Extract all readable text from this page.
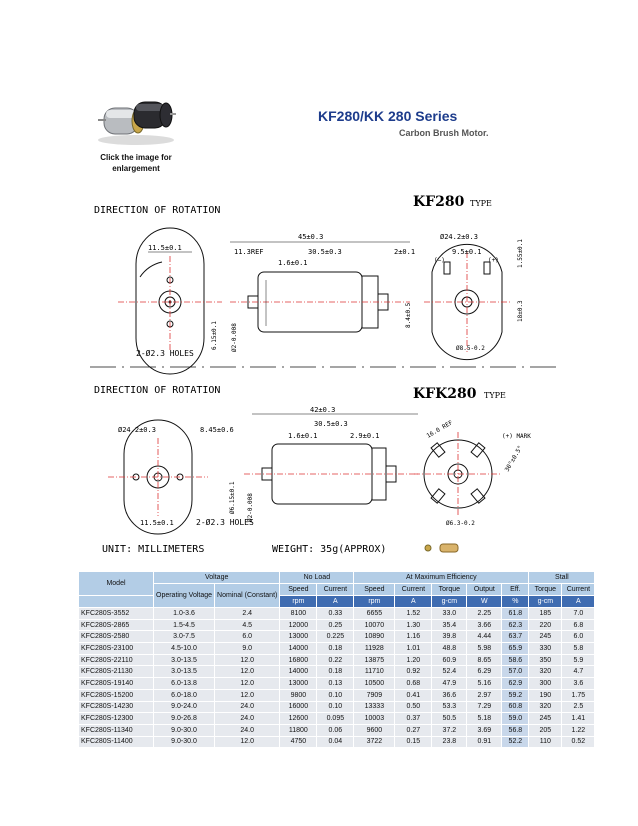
Click the image for enlargement
KF280/KK 280 Series
Carbon Brush Motor.
DIRECTION OF ROTATION
KF280 TYPE
11.5±0.1
2-Ø2.3 HOLES
45±0.3
11.3REF	30.5±0.3	2±0.1
1.6±0.1
6.15±0.1 Ø2-0.008
8.4±0.5
Ø24.2±0.3
9.5±0.1
(−)	(+)	1.55±0.1
18±0.3
Ø8.5-0.2
DIRECTION OF ROTATION	KFK280 TYPE
Ø24.2±0.3	8.45±0.6
11.5±0.1	2-Ø2.3 HOLES
42±0.3
30.5±0.3
1.6±0.1	2.9±0.1
Ø6.15±0.1 Ø2-0.008
16.0 REF	(+) MARK
30°±0.5°
Ø6.3-0.2
UNIT: MILLIMETERS	WEIGHT: 35g(APPROX)
Model	Voltage		No Load		At Maximum Efficiency					Stall	
	Operating Voltage	Nominal (Constant)	Speed	Current	Speed	Current	Torque	Output	Eff.	Torque	Current
			rpm	A	rpm	A	g-cm	W	%	g-cm	A
KFC280S-3552	1.0-3.6	2.4	8100	0.33	6655	1.52	33.0	2.25	61.8	185	7.0
KFC280S-2865	1.5-4.5	4.5	12000	0.25	10070	1.30	35.4	3.66	62.3	220	6.8
KFC280S-2580	3.0-7.5	6.0	13000	0.225	10890	1.16	39.8	4.44	63.7	245	6.0
KFC280S-23100	4.5-10.0	9.0	14000	0.18	11928	1.01	48.8	5.98	65.9	330	5.8
KFC280S-22110	3.0-13.5	12.0	16800	0.22	13875	1.20	60.9	8.65	58.6	350	5.9
KFC280S-21130	3.0-13.5	12.0	14000	0.18	11710	0.92	52.4	6.29	57.0	320	4.7
KFC280S-19140	6.0-13.8	12.0	13000	0.13	10500	0.68	47.9	5.16	62.9	300	3.6
KFC280S-15200	6.0-18.0	12.0	9800	0.10	7909	0.41	36.6	2.97	59.2	190	1.75
KFC280S-14230	9.0-24.0	24.0	16000	0.10	13333	0.50	53.3	7.29	60.8	320	2.5
KFC280S-12300	9.0-26.8	24.0	12600	0.095	10003	0.37	50.5	5.18	59.0	245	1.41
KFC280S-11340	9.0-30.0	24.0	11800	0.06	9600	0.27	37.2	3.69	56.8	205	1.22
KFC280S-11400	9.0-30.0	12.0	4750	0.04	3722	0.15	23.8	0.91	52.2	110	0.52
